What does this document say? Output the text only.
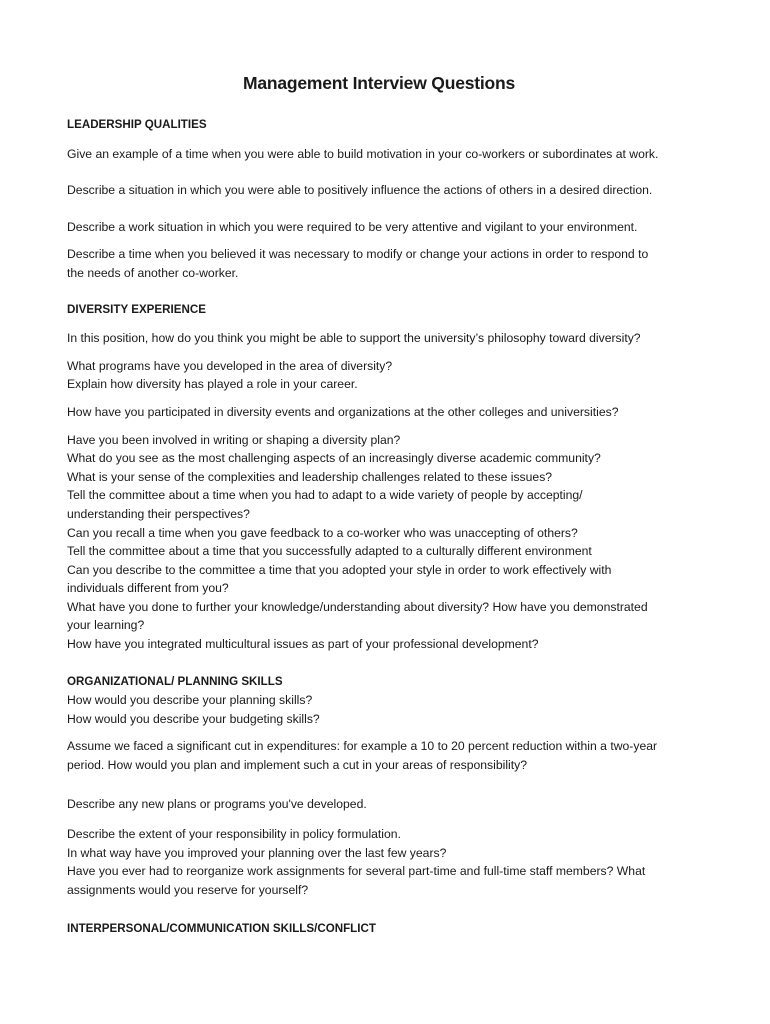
Management Interview Questions

LEADERSHIP QUALITIES

Give an example of a time when you were able to build motivation in your co-workers or subordinates at work.

Describe a situation in which you were able to positively influence the actions of others in a desired direction.

Describe a work situation in which you were required to be very attentive and vigilant to your environment.

Describe a time when you believed it was necessary to modify or change your actions in order to respond to
the needs of another co-worker.

DIVERSITY EXPERIENCE

In this position, how do you think you might be able to support the university’s philosophy toward diversity?

What programs have you developed in the area of diversity?
Explain how diversity has played a role in your career.

How have you participated in diversity events and organizations at the other colleges and universities?

Have you been involved in writing or shaping a diversity plan?
What do you see as the most challenging aspects of an increasingly diverse academic community?
What is your sense of the complexities and leadership challenges related to these issues?
Tell the committee about a time when you had to adapt to a wide variety of people by accepting/
understanding their perspectives?
Can you recall a time when you gave feedback to a co-worker who was unaccepting of others?
Tell the committee about a time that you successfully adapted to a culturally different environment
Can you describe to the committee a time that you adopted your style in order to work effectively with
individuals different from you?
What have you done to further your knowledge/understanding about diversity? How have you demonstrated
your learning?
How have you integrated multicultural issues as part of your professional development?

ORGANIZATIONAL/ PLANNING SKILLS

How would you describe your planning skills?
How would you describe your budgeting skills?
Assume we faced a significant cut in expenditures: for example a 10 to 20 percent reduction within a two-year
period. How would you plan and implement such a cut in your areas of responsibility?

Describe any new plans or programs you've developed.

Describe the extent of your responsibility in policy formulation.
In what way have you improved your planning over the last few years?
Have you ever had to reorganize work assignments for several part-time and full-time staff members? What
assignments would you reserve for yourself?

INTERPERSONAL/COMMUNICATION SKILLS/CONFLICT
